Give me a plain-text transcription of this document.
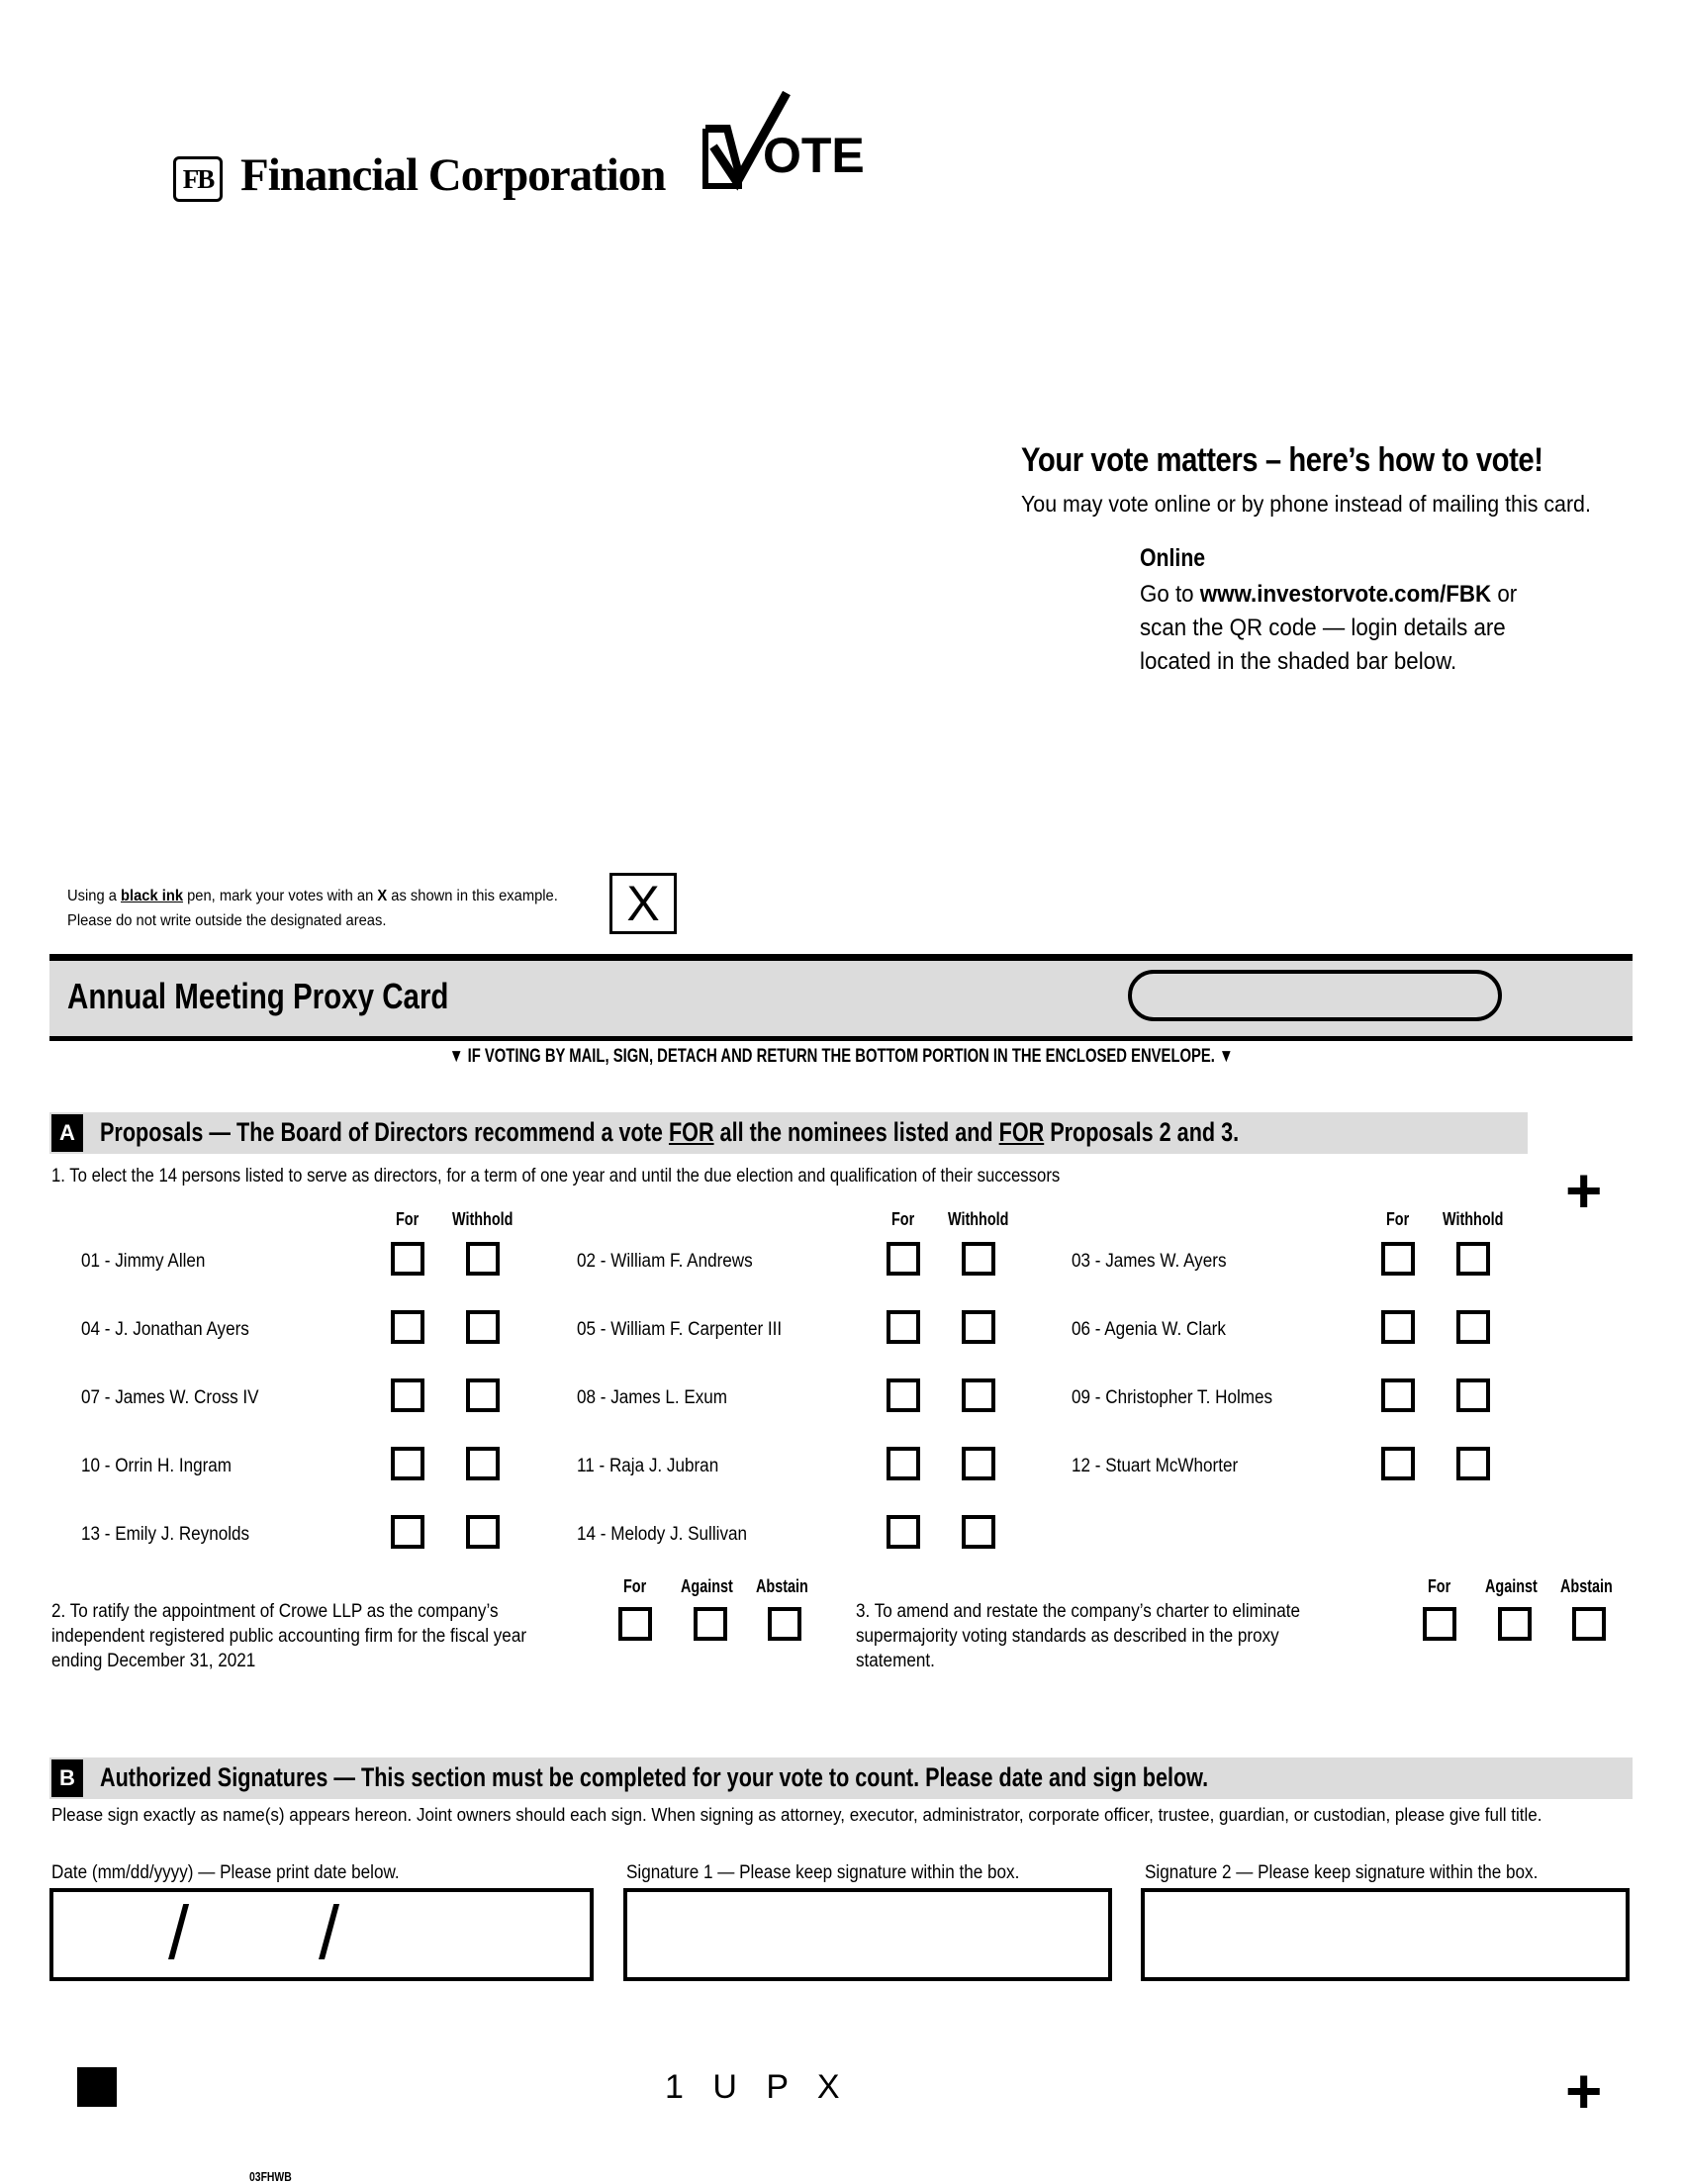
FB Financial Corporation OTE
Your vote matters – here’s how to vote!
You may vote online or by phone instead of mailing this card.
Online
Go to www.investorvote.com/FBK or scan the QR code — login details are located in the shaded bar below.
Using a black ink pen, mark your votes with an X as shown in this example.
Please do not write outside the designated areas.	X
Annual Meeting Proxy Card
▼ IF VOTING BY MAIL, SIGN, DETACH AND RETURN THE BOTTOM PORTION IN THE ENCLOSED ENVELOPE. ▼
A Proposals — The Board of Directors recommend a vote FOR all the nominees listed and FOR Proposals 2 and 3.
+
1. To elect the 14 persons listed to serve as directors, for a term of one year and until the due election and qualification of their successors
For Withhold	For Withhold	For Withhold
01 - Jimmy Allen	02 - William F. Andrews	03 - James W. Ayers
04 - J. Jonathan Ayers	05 - William F. Carpenter III	06 - Agenia W. Clark
07 - James W. Cross IV	08 - James L. Exum	09 - Christopher T. Holmes
10 - Orrin H. Ingram	11 - Raja J. Jubran	12 - Stuart McWhorter
13 - Emily J. Reynolds	14 - Melody J. Sullivan
For Against Abstain
2. To ratify the appointment of Crowe LLP as the company’s independent registered public accounting firm for the fiscal year ending December 31, 2021
For Against Abstain
3. To amend and restate the company’s charter to eliminate supermajority voting standards as described in the proxy statement.
B Authorized Signatures — This section must be completed for your vote to count. Please date and sign below.
Please sign exactly as name(s) appears hereon. Joint owners should each sign. When signing as attorney, executor, administrator, corporate officer, trustee, guardian, or custodian, please give full title.
Date (mm/dd/yyyy) — Please print date below.	Signature 1 — Please keep signature within the box.	Signature 2 — Please keep signature within the box.
/ /
1 U P X	+
03FHWB
